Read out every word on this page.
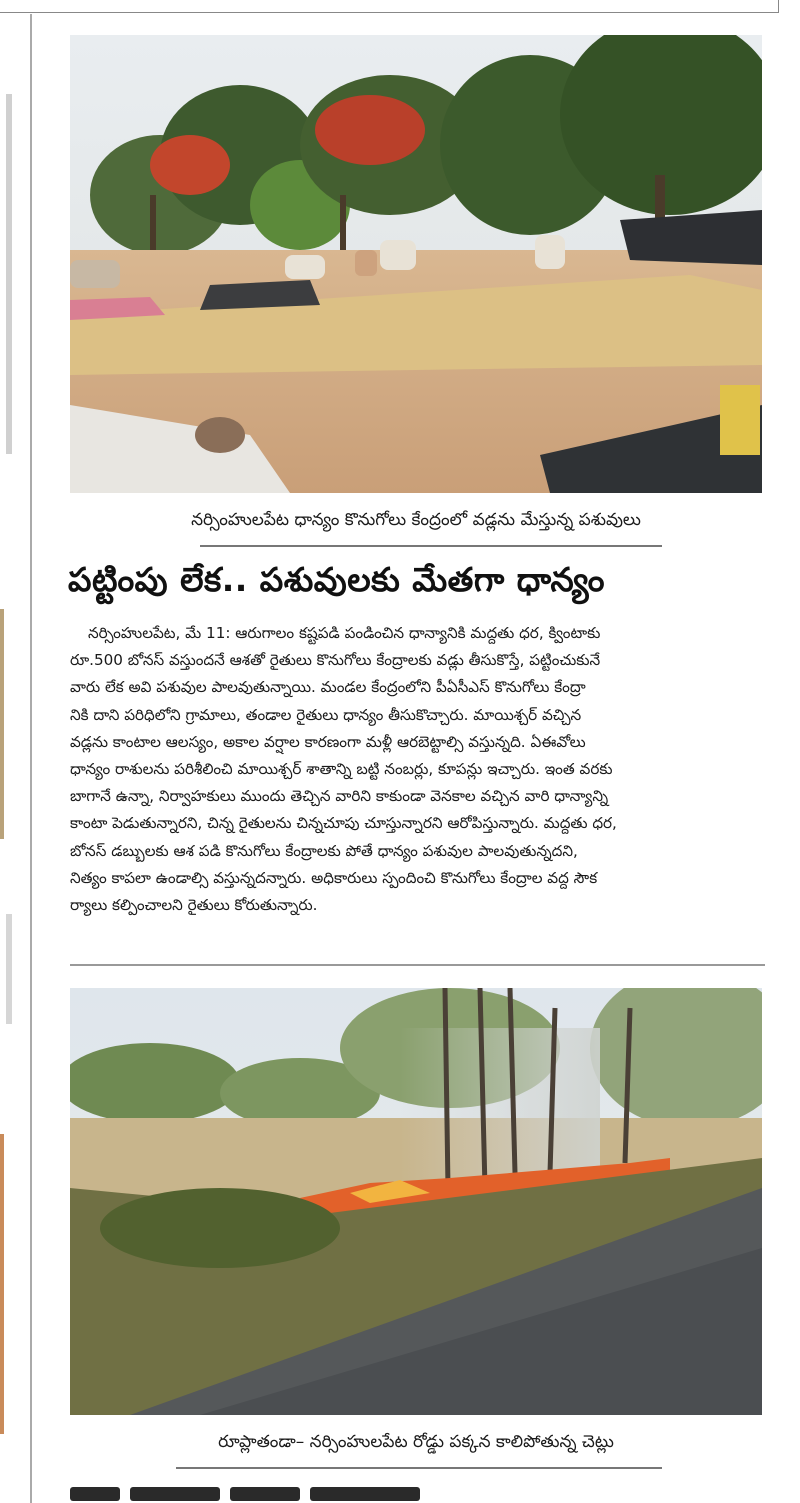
నర్సింహులపేట ధాన్యం కొనుగోలు కేంద్రంలో వడ్లను మేస్తున్న పశువులు
పట్టింపు లేక.. పశువులకు మేతగా ధాన్యం
నర్సింహులపేట, మే 11: ఆరుగాలం కష్టపడి పండించిన ధాన్యానికి మద్దతు ధర, క్వింటాకు
రూ.500 బోనస్ వస్తుందనే ఆశతో రైతులు కొనుగోలు కేంద్రాలకు వడ్లు తీసుకొస్తే, పట్టించుకునే
వారు లేక అవి పశువుల పాలవుతున్నాయి. మండల కేంద్రంలోని పీఏసీఎస్ కొనుగోలు కేంద్రా
నికి దాని పరిధిలోని గ్రామాలు, తండాల రైతులు ధాన్యం తీసుకొచ్చారు. మాయిశ్చర్ వచ్చిన
వడ్లను కాంటాల ఆలస్యం, అకాల వర్షాల కారణంగా మళ్లీ ఆరబెట్టాల్సి వస్తున్నది. ఏఈవోలు
ధాన్యం రాశులను పరిశీలించి మాయిశ్చర్ శాతాన్ని బట్టి నంబర్లు, కూపన్లు ఇచ్చారు. ఇంత వరకు
బాగానే ఉన్నా, నిర్వాహకులు ముందు తెచ్చిన వారిని కాకుండా వెనకాల వచ్చిన వారి ధాన్యాన్ని
కాంటా పెడుతున్నారని, చిన్న రైతులను చిన్నచూపు చూస్తున్నారని ఆరోపిస్తున్నారు. మద్దతు ధర,
బోనస్ డబ్బులకు ఆశ పడి కొనుగోలు కేంద్రాలకు పోతే ధాన్యం పశువుల పాలవుతున్నదని,
నిత్యం కాపలా ఉండాల్సి వస్తున్నదన్నారు. అధికారులు స్పందించి కొనుగోలు కేంద్రాల వద్ద సౌక
ర్యాలు కల్పించాలని రైతులు కోరుతున్నారు.
రూప్లాతండా– నర్సింహులపేట రోడ్డు పక్కన కాలిపోతున్న చెట్లు
